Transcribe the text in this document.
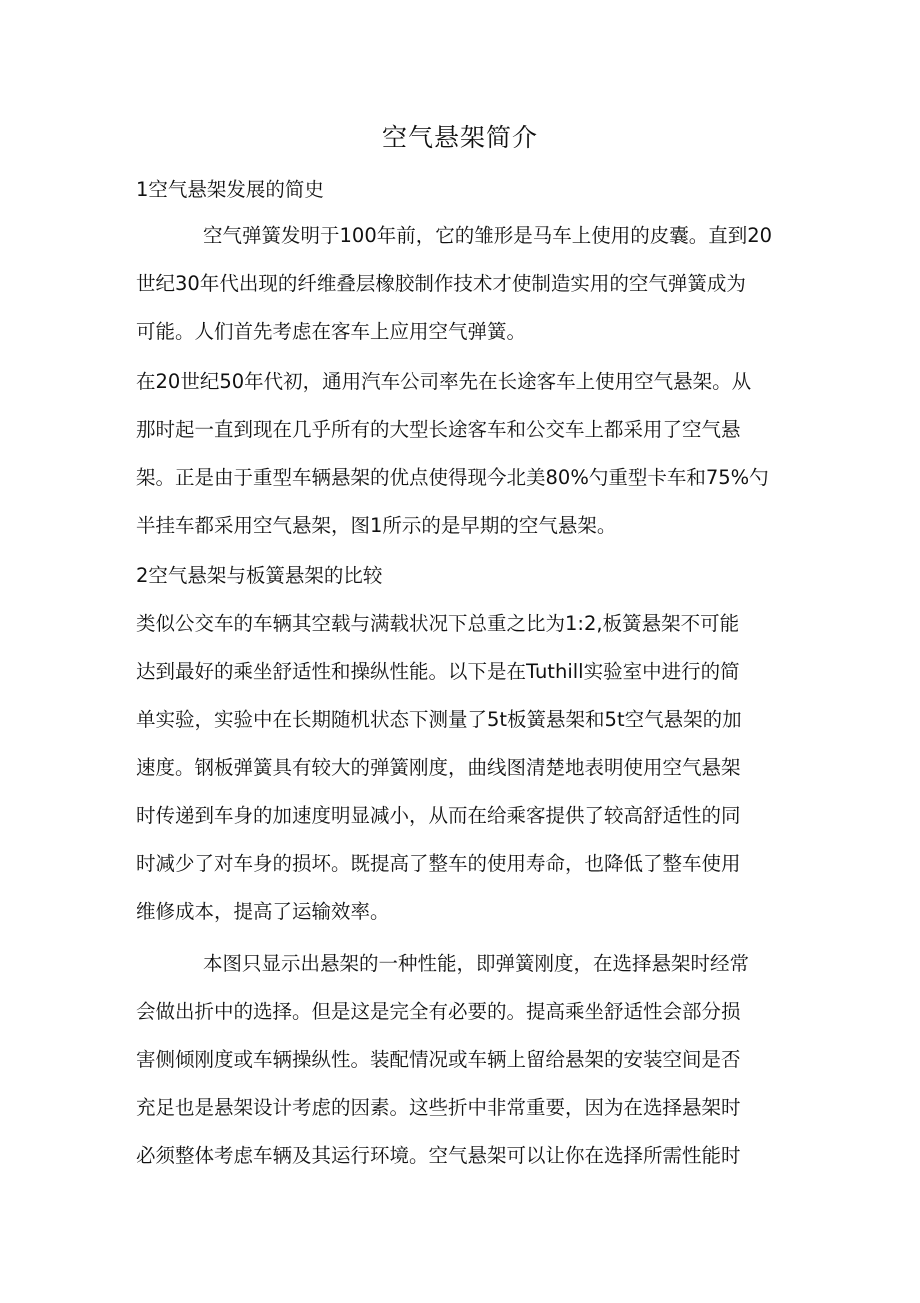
空气悬架简介
1空气悬架发展的简史
空气弹簧发明于100年前，它的雏形是马车上使用的皮囊。直到20
世纪30年代出现的纤维叠层橡胶制作技术才使制造实用的空气弹簧成为
可能。人们首先考虑在客车上应用空气弹簧。
在20世纪50年代初，通用汽车公司率先在长途客车上使用空气悬架。从
那时起一直到现在几乎所有的大型长途客车和公交车上都采用了空气悬
架。正是由于重型车辆悬架的优点使得现今北美80%勺重型卡车和75%勺
半挂车都采用空气悬架，图1所示的是早期的空气悬架。
2空气悬架与板簧悬架的比较
类似公交车的车辆其空载与满载状况下总重之比为1:2,板簧悬架不可能
达到最好的乘坐舒适性和操纵性能。以下是在Tuthill实验室中进行的简
单实验，实验中在长期随机状态下测量了5t板簧悬架和5t空气悬架的加
速度。钢板弹簧具有较大的弹簧刚度，曲线图清楚地表明使用空气悬架
时传递到车身的加速度明显减小，从而在给乘客提供了较高舒适性的同
时减少了对车身的损坏。既提高了整车的使用寿命，也降低了整车使用
维修成本，提高了运输效率。
本图只显示出悬架的一种性能，即弹簧刚度，在选择悬架时经常
会做出折中的选择。但是这是完全有必要的。提高乘坐舒适性会部分损
害侧倾刚度或车辆操纵性。装配情况或车辆上留给悬架的安装空间是否
充足也是悬架设计考虑的因素。这些折中非常重要，因为在选择悬架时
必须整体考虑车辆及其运行环境。空气悬架可以让你在选择所需性能时
